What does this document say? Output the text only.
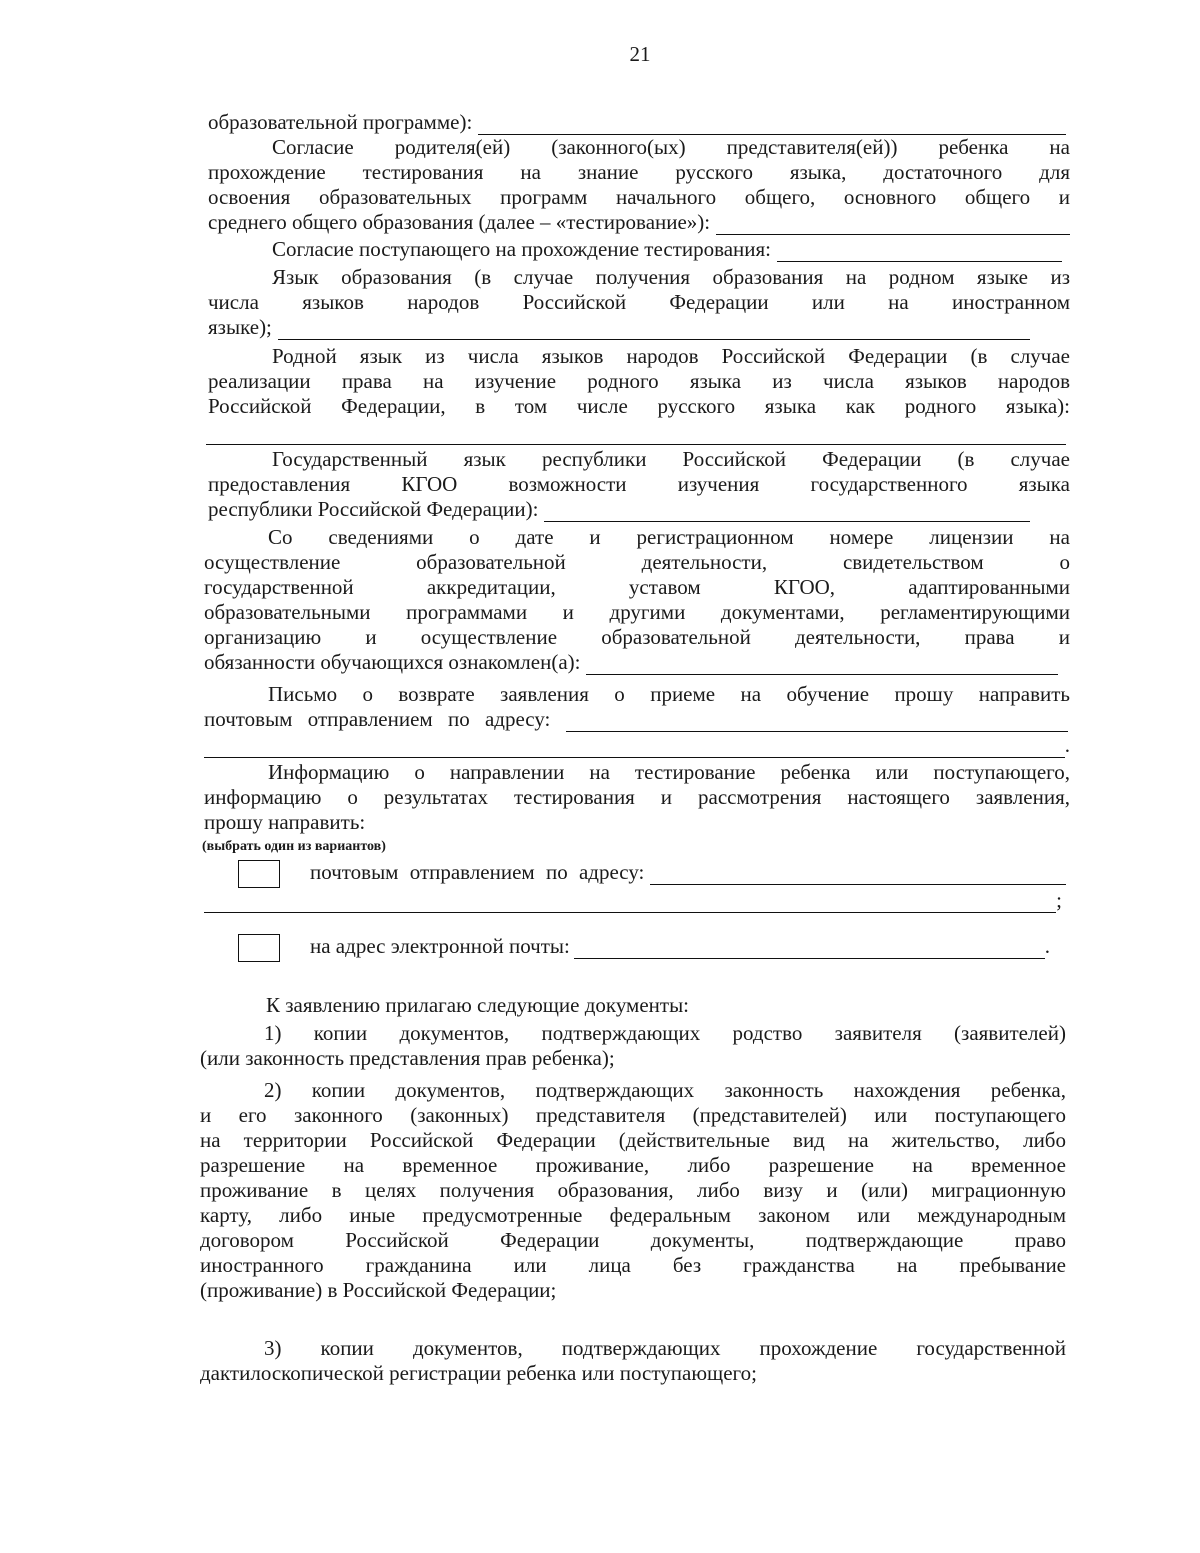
21
образовательной программе):
Согласие родителя(ей) (законного(ых) представителя(ей)) ребенка на
прохождение тестирования на знание русского языка, достаточного для
освоения образовательных программ начального общего, основного общего и
среднего общего образования (далее – «тестирование»):
Согласие поступающего на прохождение тестирования:
Язык образования (в случае получения образования на родном языке из
числа языков народов Российской Федерации или на иностранном
языке);
Родной язык из числа языков народов Российской Федерации (в случае
реализации права на изучение родного языка из числа языков народов
Российской Федерации, в том числе русского языка как родного языка):
Государственный язык республики Российской Федерации (в случае
предоставления КГОО возможности изучения государственного языка
республики Российской Федерации):
Со сведениями о дате и регистрационном номере лицензии на
осуществление образовательной деятельности, свидетельством о
государственной аккредитации, уставом КГОО, адаптированными
образовательными программами и другими документами, регламентирующими
организацию и осуществление образовательной деятельности, права и
обязанности обучающихся ознакомлен(а):
Письмо о возврате заявления о приеме на обучение прошу направить
почтовым отправлением по адресу:
.
Информацию о направлении на тестирование ребенка или поступающего,
информацию о результатах тестирования и рассмотрения настоящего заявления,
прошу направить:
(выбрать один из вариантов)
почтовым отправлением по адресу:
;
на адрес электронной почты:	.
К заявлению прилагаю следующие документы:
1) копии документов, подтверждающих родство заявителя (заявителей)
(или законность представления прав ребенка);
2) копии документов, подтверждающих законность нахождения ребенка,
и его законного (законных) представителя (представителей) или поступающего
на территории Российской Федерации (действительные вид на жительство, либо
разрешение на временное проживание, либо разрешение на временное
проживание в целях получения образования, либо визу и (или) миграционную
карту, либо иные предусмотренные федеральным законом или международным
договором Российской Федерации документы, подтверждающие право
иностранного гражданина или лица без гражданства на пребывание
(проживание) в Российской Федерации;
3) копии документов, подтверждающих прохождение государственной
дактилоскопической регистрации ребенка или поступающего;
